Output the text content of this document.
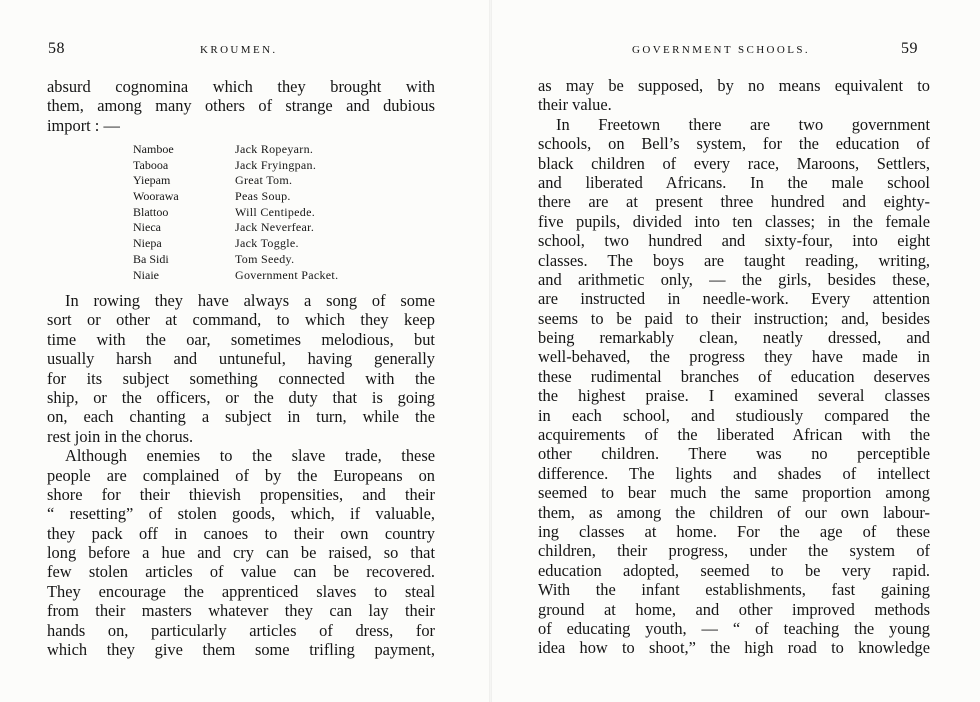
58	KROUMEN.
absurd cognomina which they brought with
them, among many others of strange and dubious
import : —
Namboe	Jack Ropeyarn.
Tabooa	Jack Fryingpan.
Yiepam	Great Tom.
Woorawa	Peas Soup.
Blattoo	Will Centipede.
Nieca	Jack Neverfear.
Niepa	Jack Toggle.
Ba Sidi	Tom Seedy.
Niaie	Government Packet.
In rowing they have always a song of some
sort or other at command, to which they keep
time with the oar, sometimes melodious, but
usually harsh and untuneful, having generally
for its subject something connected with the
ship, or the officers, or the duty that is going
on, each chanting a subject in turn, while the
rest join in the chorus.
Although enemies to the slave trade, these
people are complained of by the Europeans on
shore for their thievish propensities, and their
“ resetting” of stolen goods, which, if valuable,
they pack off in canoes to their own country
long before a hue and cry can be raised, so that
few stolen articles of value can be recovered.
They encourage the apprenticed slaves to steal
from their masters whatever they can lay their
hands on, particularly articles of dress, for
which they give them some trifling payment,
GOVERNMENT SCHOOLS.	59
as may be supposed, by no means equivalent to
their value.
In Freetown there are two government
schools, on Bell’s system, for the education of
black children of every race, Maroons, Settlers,
and liberated Africans. In the male school
there are at present three hundred and eighty-
five pupils, divided into ten classes; in the female
school, two hundred and sixty-four, into eight
classes. The boys are taught reading, writing,
and arithmetic only, — the girls, besides these,
are instructed in needle-work. Every attention
seems to be paid to their instruction; and, besides
being remarkably clean, neatly dressed, and
well-behaved, the progress they have made in
these rudimental branches of education deserves
the highest praise. I examined several classes
in each school, and studiously compared the
acquirements of the liberated African with the
other children. There was no perceptible
difference. The lights and shades of intellect
seemed to bear much the same proportion among
them, as among the children of our own labour-
ing classes at home. For the age of these
children, their progress, under the system of
education adopted, seemed to be very rapid.
With the infant establishments, fast gaining
ground at home, and other improved methods
of educating youth, — “ of teaching the young
idea how to shoot,” the high road to knowledge
